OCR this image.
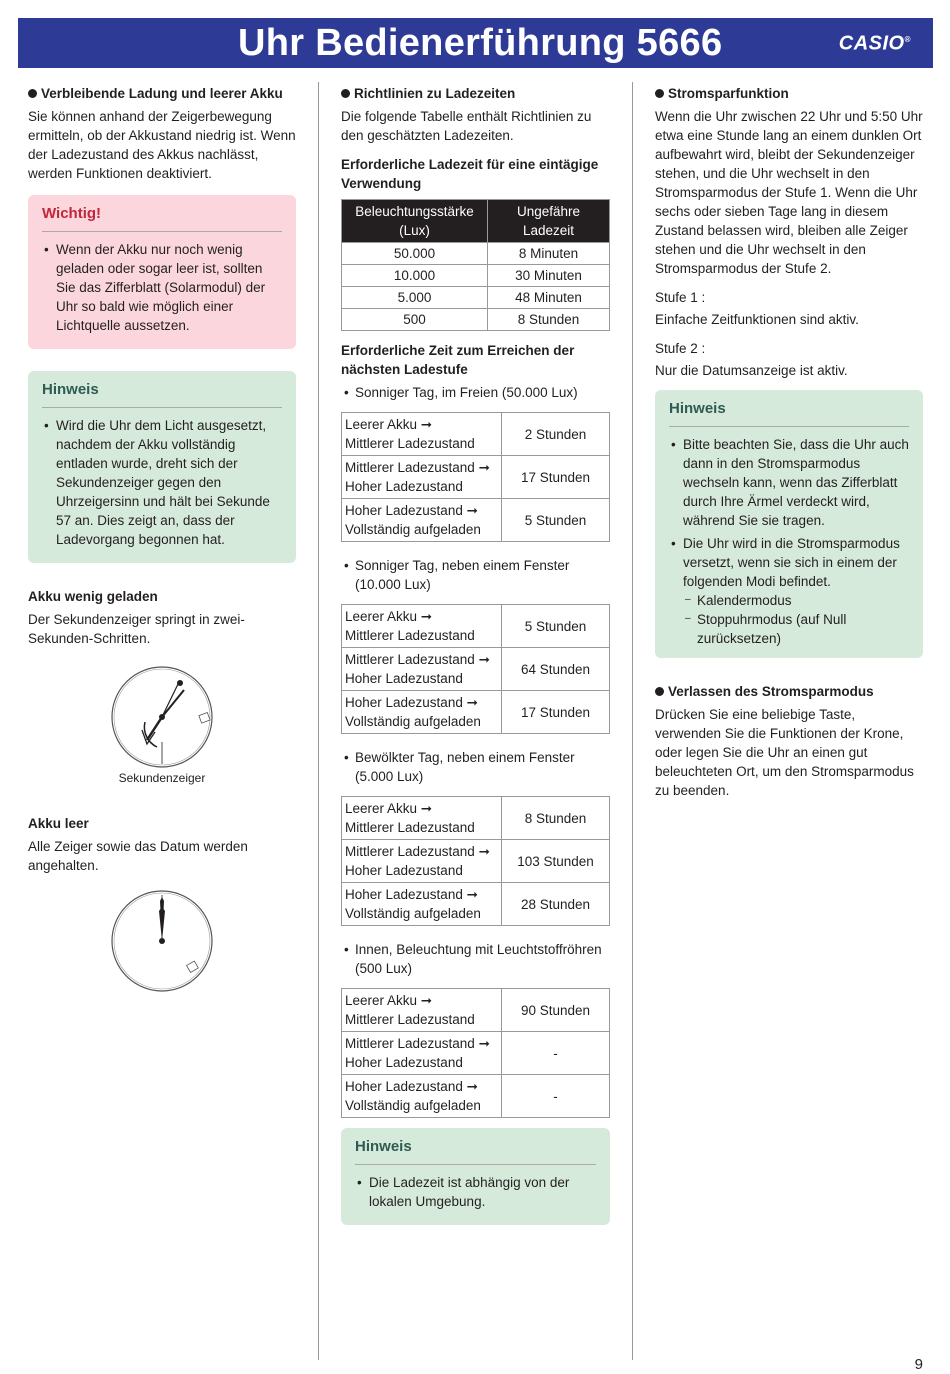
Uhr Bedienerführung 5666	CASIO®
Verbleibende Ladung und leerer Akku

Sie können anhand der Zeigerbewegung ermitteln, ob der Akkustand niedrig ist. Wenn der Ladezustand des Akkus nachlässt, werden Funktionen deaktiviert.

Wichtig!
• Wenn der Akku nur noch wenig geladen oder sogar leer ist, sollten Sie das Zifferblatt (Solarmodul) der Uhr so bald wie möglich einer Lichtquelle aussetzen.
Hinweis
• Wird die Uhr dem Licht ausgesetzt, nachdem der Akku vollständig entladen wurde, dreht sich der Sekundenzeiger gegen den Uhrzeigersinn und hält bei Sekunde 57 an. Dies zeigt an, dass der Ladevorgang begonnen hat.
Akku wenig geladen

Der Sekundenzeiger springt in zwei-Sekunden-Schritten.

Sekundenzeiger
Akku leer

Alle Zeiger sowie das Datum werden angehalten.

Richtlinien zu Ladezeiten

Die folgende Tabelle enthält Richtlinien zu den geschätzten Ladezeiten.

Erforderliche Ladezeit für eine eintägige Verwendung
Beleuchtungsstärke (Lux)	Ungefähre Ladezeit
50.000	8 Minuten
10.000	30 Minuten
5.000	48 Minuten
500	8 Stunden
Erforderliche Zeit zum Erreichen der nächsten Ladestufe
• Sonniger Tag, im Freien (50.000 Lux)
Leerer Akku ➞
Mittlerer Ladezustand	2 Stunden

Mittlerer Ladezustand ➞
Hoher Ladezustand	17 Stunden

Hoher Ladezustand ➞
Vollständig aufgeladen	5 Stunden
• Sonniger Tag, neben einem Fenster (10.000 Lux)
Leerer Akku ➞
Mittlerer Ladezustand	5 Stunden

Mittlerer Ladezustand ➞
Hoher Ladezustand	64 Stunden

Hoher Ladezustand ➞
Vollständig aufgeladen	17 Stunden
• Bewölkter Tag, neben einem Fenster (5.000 Lux)
Leerer Akku ➞
Mittlerer Ladezustand	8 Stunden

Mittlerer Ladezustand ➞
Hoher Ladezustand	103 Stunden

Hoher Ladezustand ➞
Vollständig aufgeladen	28 Stunden
• Innen, Beleuchtung mit Leuchtstoffröhren (500 Lux)
Leerer Akku ➞
Mittlerer Ladezustand	90 Stunden

Mittlerer Ladezustand ➞
Hoher Ladezustand	-

Hoher Ladezustand ➞
Vollständig aufgeladen	-
Hinweis
• Die Ladezeit ist abhängig von der lokalen Umgebung.
Stromsparfunktion

Wenn die Uhr zwischen 22 Uhr und 5:50 Uhr etwa eine Stunde lang an einem dunklen Ort aufbewahrt wird, bleibt der Sekundenzeiger stehen, und die Uhr wechselt in den Stromsparmodus der Stufe 1. Wenn die Uhr sechs oder sieben Tage lang in diesem Zustand belassen wird, bleiben alle Zeiger stehen und die Uhr wechselt in den Stromsparmodus der Stufe 2.

Stufe 1 :

Einfache Zeitfunktionen sind aktiv.

Stufe 2 :

Nur die Datumsanzeige ist aktiv.

Hinweis
• Bitte beachten Sie, dass die Uhr auch dann in den Stromsparmodus wechseln kann, wenn das Zifferblatt durch Ihre Ärmel verdeckt wird, während Sie sie tragen.
• Die Uhr wird in die Stromsparmodus versetzt, wenn sie sich in einem der folgenden Modi befindet.
– Kalendermodus
– Stoppuhrmodus (auf Null zurücksetzen)
Verlassen des Stromsparmodus

Drücken Sie eine beliebige Taste, verwenden Sie die Funktionen der Krone, oder legen Sie die Uhr an einen gut beleuchteten Ort, um den Stromsparmodus zu beenden.

9
